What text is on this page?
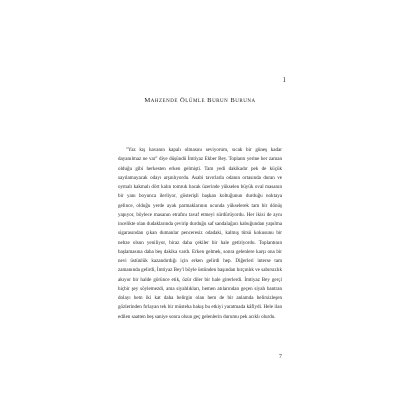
1
Mahzende Ölümle Burun Buruna

"Yaz kış havanın kapalı olmasını seviyorum, sıcak bir güneş kadar dayanılmaz ne var" diye düşündü İmtiyaz Ekber Bey. Toplantı yerine her zaman olduğu gibi herkesten erken gelmişti. Tam yedi dakikadır pek de küçük sayılamayacak odayı arşınlıyordu. Asabi tavırlarla odanın ortasında duran ve oymalı kakmalı dört kalın tomruk bacak üzerinde yükselen büyük oval masanın bir yanı boyunca ilerliyor, gösterişli başkan koltuğunun durduğu noktaya gelince, olduğu yerde ayak parmaklarının ucunda yükselerek tam bir dönüş yapıyor, böylece masanın etrafını tavaf etmeyi sürdürüyordu. Her ikisi de aynı inceliktе olan dudaklarında çevirip durduğu saf sandalağacı kabuğundan yapılma sigarasından çıkan dumanlar penceresiz odadaki, kalmış tütsü kokusunu bir nebze olsun yeniliyor, biraz daha çekiler bir hale getiriyordu. Toplantının başlamasına daha beş dakika vardı. Erken gelmek, sonra gelenlere karşı ona bir nevi üstünlük kazandırdığı için erken gelirdi hep. Diğerleri interse tam zamanında gelirdi, İmtiyaz Bey'i böyle üstünden başından hırçınlık ve sabırsızlık akıyor bir halde görünce etik, özür diler bir hale girerlerdi. İmtiyaz Bey gerçi hiçbir şey söylemezdi, ama siyahlıkları, hemen atılarından geçen siyah bantran dolayı hem iki kat daha belirgin olan hem de bir anlamda belirsizleşen gözlerinden fırlayan tek bir müsteha bakış bu etkiyi yaratmada kâfiydi. Hele ilan edilen saatten beş saniye sonra olsun geç gelenlerin durumu pek acıklı olurdu.

7
